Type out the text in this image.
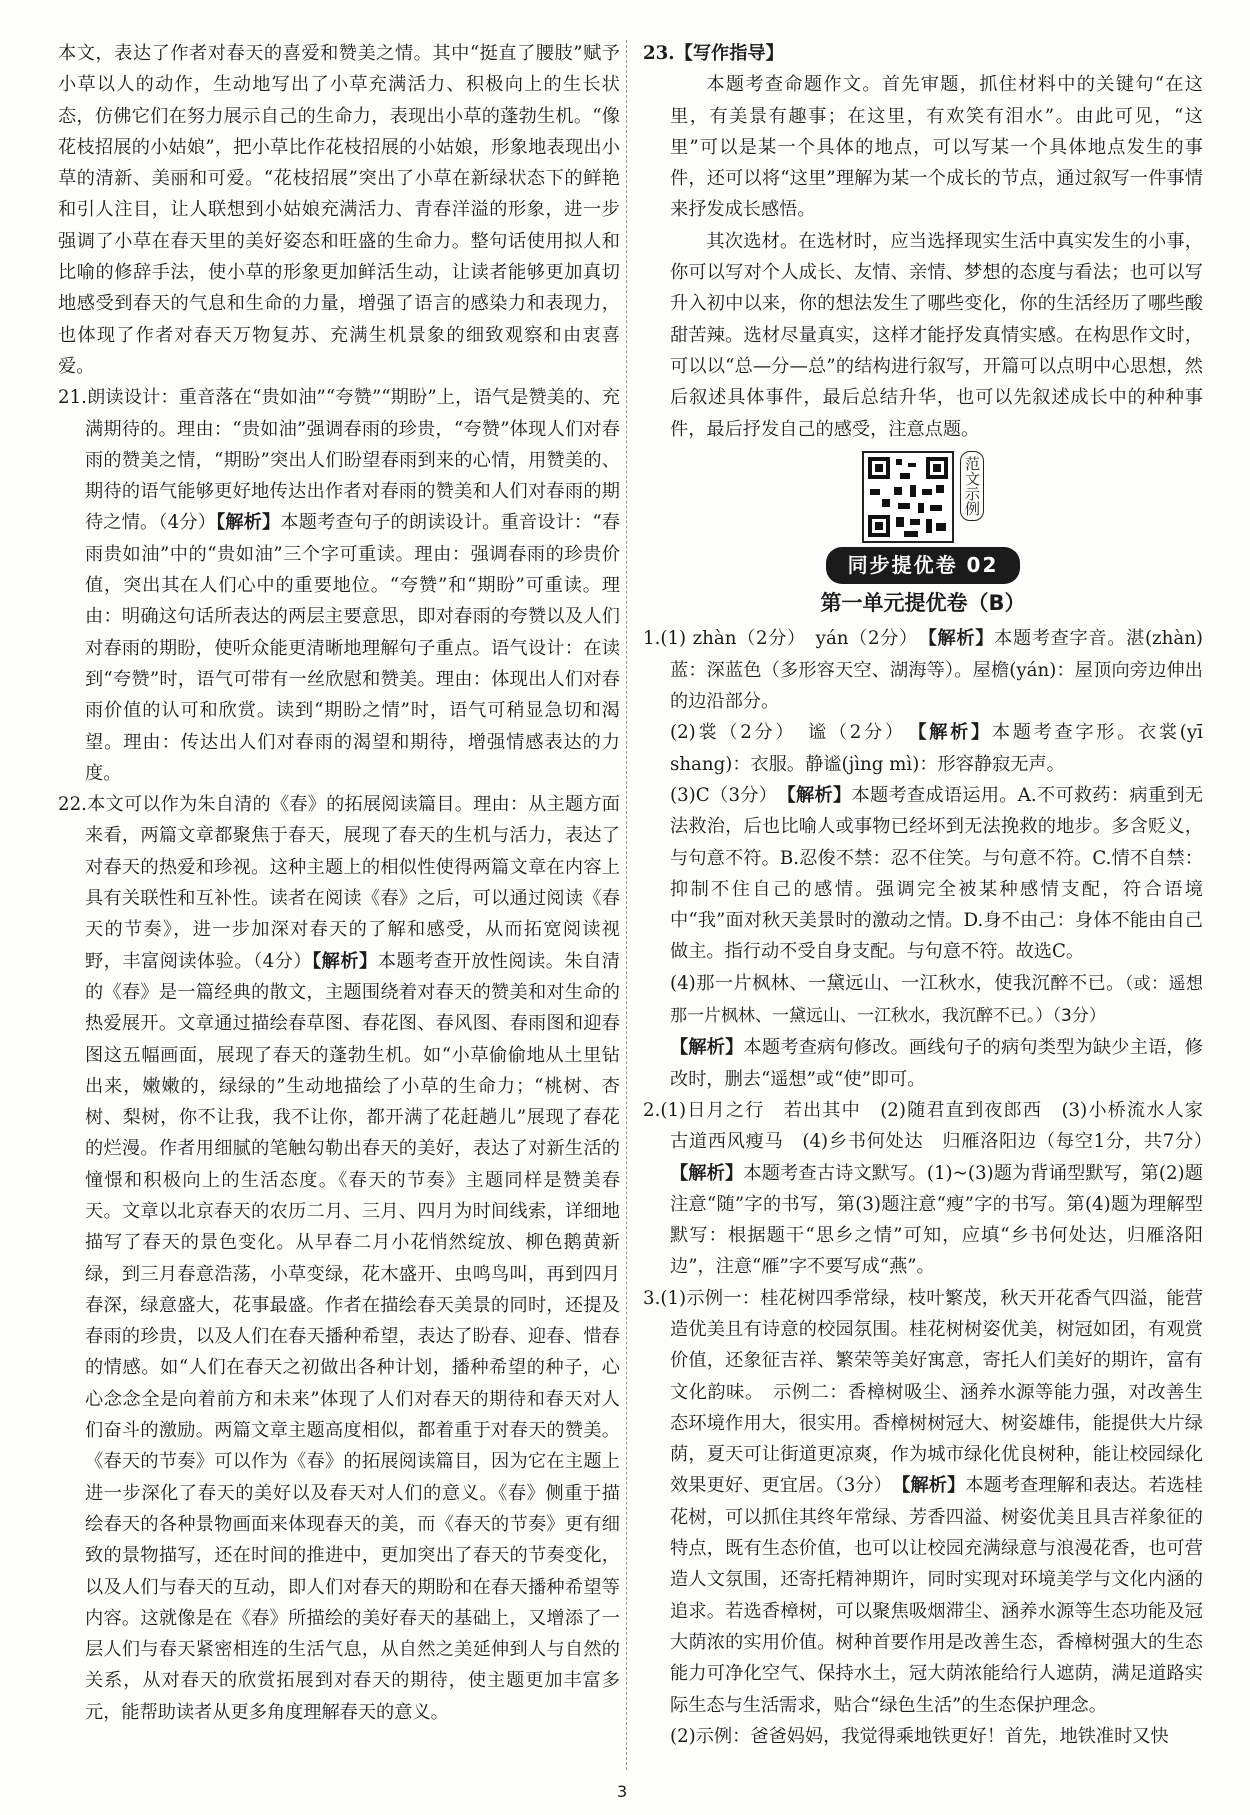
本文，表达了作者对春天的喜爱和赞美之情。其中“挺直了腰肢”赋予小草以人的动作，生动地写出了小草充满活力、积极向上的生长状态，仿佛它们在努力展示自己的生命力，表现出小草的蓬勃生机。“像花枝招展的小姑娘”，把小草比作花枝招展的小姑娘，形象地表现出小草的清新、美丽和可爱。“花枝招展”突出了小草在新绿状态下的鲜艳和引人注目，让人联想到小姑娘充满活力、青春洋溢的形象，进一步强调了小草在春天里的美好姿态和旺盛的生命力。整句话使用拟人和比喻的修辞手法，使小草的形象更加鲜活生动，让读者能够更加真切地感受到春天的气息和生命的力量，增强了语言的感染力和表现力，也体现了作者对春天万物复苏、充满生机景象的细致观察和由衷喜爱。

21.朗读设计：重音落在“贵如油”“夸赞”“期盼”上，语气是赞美的、充满期待的。理由：“贵如油”强调春雨的珍贵，“夸赞”体现人们对春雨的赞美之情，“期盼”突出人们盼望春雨到来的心情，用赞美的、期待的语气能够更好地传达出作者对春雨的赞美和人们对春雨的期待之情。（4分）【解析】本题考查句子的朗读设计。重音设计：“春雨贵如油”中的“贵如油”三个字可重读。理由：强调春雨的珍贵价值，突出其在人们心中的重要地位。“夸赞”和“期盼”可重读。理由：明确这句话所表达的两层主要意思，即对春雨的夸赞以及人们对春雨的期盼，使听众能更清晰地理解句子重点。语气设计：在读到“夸赞”时，语气可带有一丝欣慰和赞美。理由：体现出人们对春雨价值的认可和欣赏。读到“期盼之情”时，语气可稍显急切和渴望。理由：传达出人们对春雨的渴望和期待，增强情感表达的力度。
22.本文可以作为朱自清的《春》的拓展阅读篇目。理由：从主题方面来看，两篇文章都聚焦于春天，展现了春天的生机与活力，表达了对春天的热爱和珍视。这种主题上的相似性使得两篇文章在内容上具有关联性和互补性。读者在阅读《春》之后，可以通过阅读《春天的节奏》，进一步加深对春天的了解和感受，从而拓宽阅读视野，丰富阅读体验。（4分）【解析】本题考查开放性阅读。朱自清的《春》是一篇经典的散文，主题围绕着对春天的赞美和对生命的热爱展开。文章通过描绘春草图、春花图、春风图、春雨图和迎春图这五幅画面，展现了春天的蓬勃生机。如“小草偷偷地从土里钻出来，嫩嫩的，绿绿的”生动地描绘了小草的生命力；“桃树、杏树、梨树，你不让我，我不让你，都开满了花赶趟儿”展现了春花的烂漫。作者用细腻的笔触勾勒出春天的美好，表达了对新生活的憧憬和积极向上的生活态度。《春天的节奏》主题同样是赞美春天。文章以北京春天的农历二月、三月、四月为时间线索，详细地描写了春天的景色变化。从早春二月小花悄然绽放、柳色鹅黄新绿，到三月春意浩荡，小草变绿，花木盛开、虫鸣鸟叫，再到四月春深，绿意盛大，花事最盛。作者在描绘春天美景的同时，还提及春雨的珍贵，以及人们在春天播种希望，表达了盼春、迎春、惜春的情感。如“人们在春天之初做出各种计划，播种希望的种子，心心念念全是向着前方和未来”体现了人们对春天的期待和春天对人们奋斗的激励。两篇文章主题高度相似，都着重于对春天的赞美。《春天的节奏》可以作为《春》的拓展阅读篇目，因为它在主题上进一步深化了春天的美好以及春天对人们的意义。《春》侧重于描绘春天的各种景物画面来体现春天的美，而《春天的节奏》更有细致的景物描写，还在时间的推进中，更加突出了春天的节奏变化，以及人们与春天的互动，即人们对春天的期盼和在春天播种希望等内容。这就像是在《春》所描绘的美好春天的基础上，又增添了一层人们与春天紧密相连的生活气息，从自然之美延伸到人与自然的关系，从对春天的欣赏拓展到对春天的期待，使主题更加丰富多元，能帮助读者从更多角度理解春天的意义。

23.【写作指导】

本题考查命题作文。首先审题，抓住材料中的关键句“在这里，有美景有趣事；在这里，有欢笑有泪水”。由此可见，“这里”可以是某一个具体的地点，可以写某一个具体地点发生的事件，还可以将“这里”理解为某一个成长的节点，通过叙写一件事情来抒发成长感悟。

其次选材。在选材时，应当选择现实生活中真实发生的小事，你可以写对个人成长、友情、亲情、梦想的态度与看法；也可以写升入初中以来，你的想法发生了哪些变化，你的生活经历了哪些酸甜苦辣。选材尽量真实，这样才能抒发真情实感。在构思作文时，可以以“总—分—总”的结构进行叙写，开篇可以点明中心思想，然后叙述具体事件，最后总结升华，也可以先叙述成长中的种种事件，最后抒发自己的感受，注意点题。

范文示例
同步提优卷 02
第一单元提优卷（B）
1.(1) zhàn（2分）　yán（2分）　【解析】本题考查字音。湛(zhàn)蓝：深蓝色（多形容天空、湖海等）。屋檐(yán)：屋顶向旁边伸出的边沿部分。
(2)裳（2分）　谧（2分）　【解析】本题考查字形。衣裳(yī shang)：衣服。静谧(jìng mì)：形容静寂无声。
(3)C（3分）　【解析】本题考查成语运用。A.不可救药：病重到无法救治，后也比喻人或事物已经坏到无法挽救的地步。多含贬义，与句意不符。B.忍俊不禁：忍不住笑。与句意不符。C.情不自禁：抑制不住自己的感情。强调完全被某种感情支配，符合语境中“我”面对秋天美景时的激动之情。D.身不由己：身体不能由自己做主。指行动不受自身支配。与句意不符。故选C。
(4)那一片枫林、一黛远山、一江秋水，使我沉醉不已。（或：遥想那一片枫林、一黛远山、一江秋水，我沉醉不已。）（3分）
【解析】本题考查病句修改。画线句子的病句类型为缺少主语，修改时，删去“遥想”或“使”即可。
2.(1)日月之行　若出其中　(2)随君直到夜郎西　(3)小桥流水人家　古道西风瘦马　(4)乡书何处达　归雁洛阳边（每空1分，共7分）　【解析】本题考查古诗文默写。(1)~(3)题为背诵型默写，第(2)题注意“随”字的书写，第(3)题注意“瘦”字的书写。第(4)题为理解型默写：根据题干“思乡之情”可知，应填“乡书何处达，归雁洛阳边”，注意“雁”字不要写成“燕”。
3.(1)示例一：桂花树四季常绿，枝叶繁茂，秋天开花香气四溢，能营造优美且有诗意的校园氛围。桂花树树姿优美，树冠如团，有观赏价值，还象征吉祥、繁荣等美好寓意，寄托人们美好的期许，富有文化韵味。　示例二：香樟树吸尘、涵养水源等能力强，对改善生态环境作用大，很实用。香樟树树冠大、树姿雄伟，能提供大片绿荫，夏天可让街道更凉爽，作为城市绿化优良树种，能让校园绿化效果更好、更宜居。（3分）　【解析】本题考查理解和表达。若选桂花树，可以抓住其终年常绿、芳香四溢、树姿优美且具吉祥象征的特点，既有生态价值，也可以让校园充满绿意与浪漫花香，也可营造人文氛围，还寄托精神期许，同时实现对环境美学与文化内涵的追求。若选香樟树，可以聚焦吸烟滞尘、涵养水源等生态功能及冠大荫浓的实用价值。树种首要作用是改善生态，香樟树强大的生态能力可净化空气、保持水土，冠大荫浓能给行人遮荫，满足道路实际生态与生活需求，贴合“绿色生活”的生态保护理念。
(2)示例：爸爸妈妈，我觉得乘地铁更好！首先，地铁准时又快
3
